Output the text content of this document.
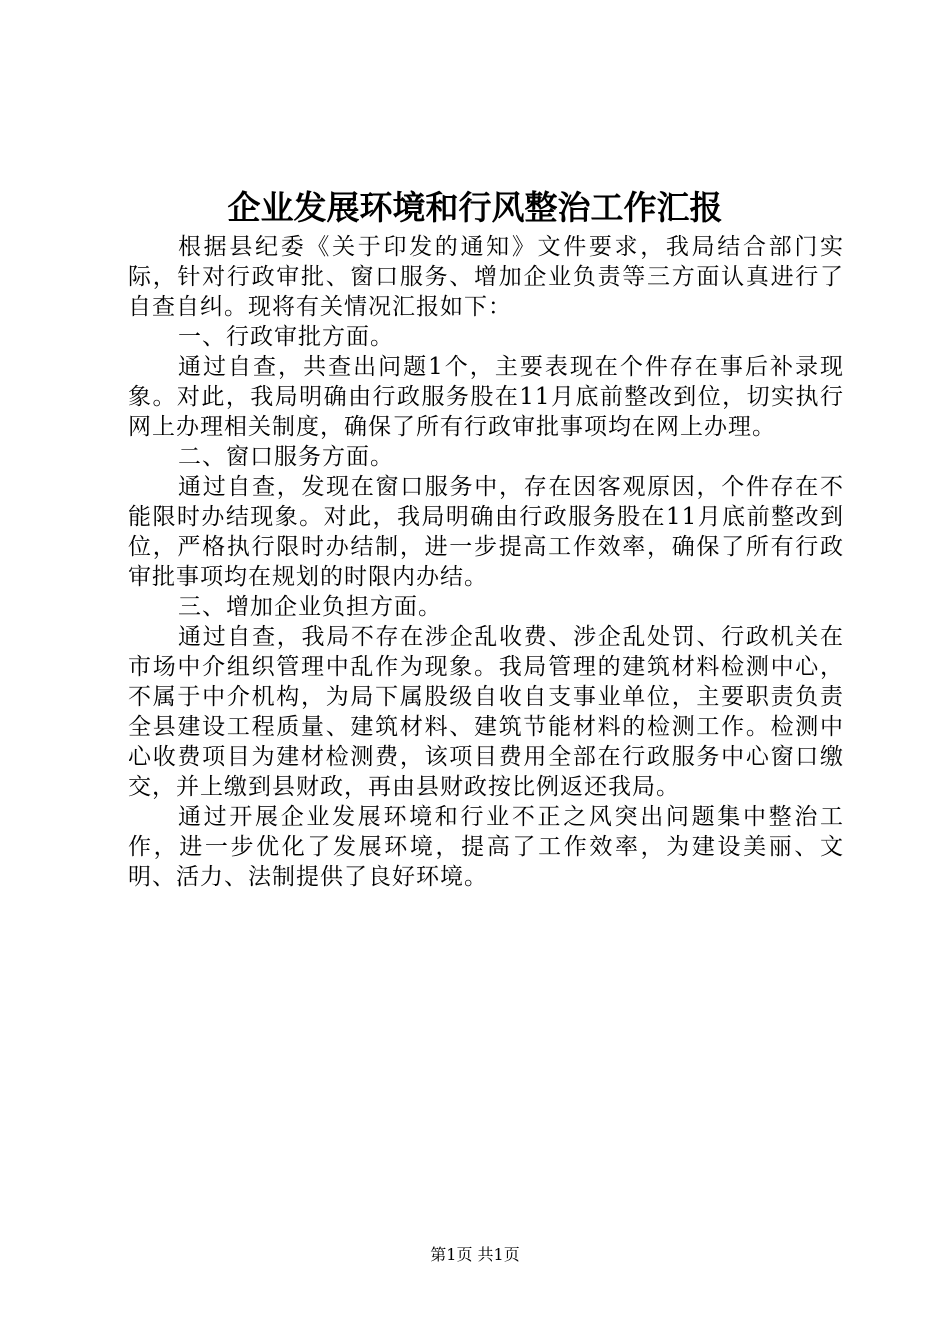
企业发展环境和行风整治工作汇报

根据县纪委《关于印发的通知》文件要求，我局结合部门实际，针对行政审批、窗口服务、增加企业负责等三方面认真进行了自查自纠。现将有关情况汇报如下：

一、行政审批方面。

通过自查，共查出问题1个，主要表现在个件存在事后补录现象。对此，我局明确由行政服务股在11月底前整改到位，切实执行网上办理相关制度，确保了所有行政审批事项均在网上办理。

二、窗口服务方面。

通过自查，发现在窗口服务中，存在因客观原因，个件存在不能限时办结现象。对此，我局明确由行政服务股在11月底前整改到位，严格执行限时办结制，进一步提高工作效率，确保了所有行政审批事项均在规划的时限内办结。

三、增加企业负担方面。

通过自查，我局不存在涉企乱收费、涉企乱处罚、行政机关在市场中介组织管理中乱作为现象。我局管理的建筑材料检测中心，不属于中介机构，为局下属股级自收自支事业单位，主要职责负责全县建设工程质量、建筑材料、建筑节能材料的检测工作。检测中心收费项目为建材检测费，该项目费用全部在行政服务中心窗口缴交，并上缴到县财政，再由县财政按比例返还我局。

通过开展企业发展环境和行业不正之风突出问题集中整治工作，进一步优化了发展环境，提高了工作效率，为建设美丽、文明、活力、法制提供了良好环境。

第1页 共1页
